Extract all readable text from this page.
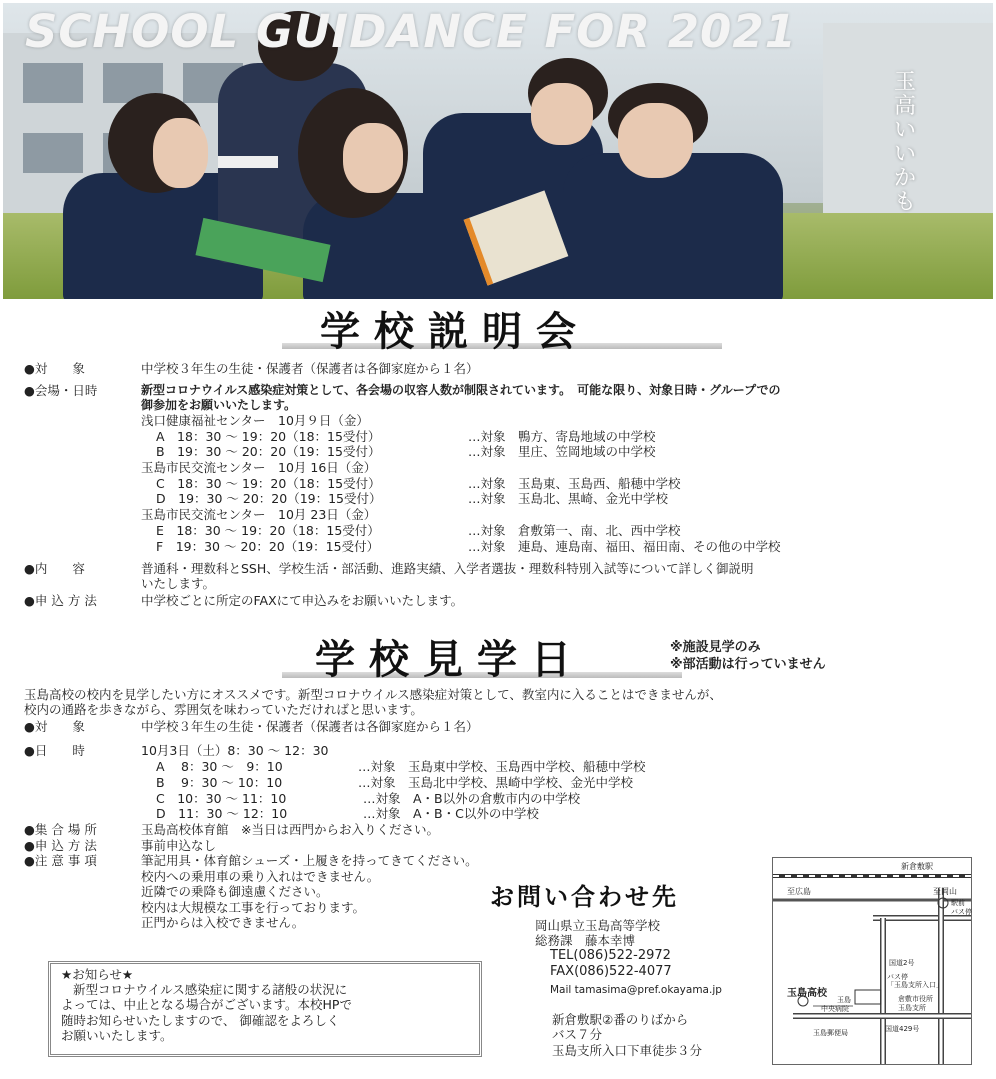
SCHOOL GUIDANCE FOR 2021
玉高いいかも
学校説明会
●対　　象	中学校３年生の生徒・保護者（保護者は各御家庭から１名）
●会場・日時	新型コロナウイルス感染症対策として、各会場の収容人数が制限されています。　可能な限り、対象日時・グループでの
御参加をお願いいたします。
浅口健康福祉センター　10月９日（金）
A　18：30 ～ 19：20（18：15受付）	…対象　鴨方、寄島地域の中学校
B　19：30 ～ 20：20（19：15受付）	…対象　里庄、笠岡地域の中学校
玉島市民交流センター　10月 16日（金）
C　18：30 ～ 19：20（18：15受付）	…対象　玉島東、玉島西、船穂中学校
D　19：30 ～ 20：20（19：15受付）	…対象　玉島北、黒崎、金光中学校
玉島市民交流センター　10月 23日（金）
E　18：30 ～ 19：20（18：15受付）	…対象　倉敷第一、南、北、西中学校
F　19：30 ～ 20：20（19：15受付）	…対象　連島、連島南、福田、福田南、その他の中学校
●内　　容	普通科・理数科とSSH、学校生活・部活動、進路実績、入学者選抜・理数科特別入試等について詳しく御説明
いたします。
●申 込 方 法	中学校ごとに所定のFAXにて申込みをお願いいたします。
学校見学日	※施設見学のみ
※部活動は行っていません
玉島高校の校内を見学したい方にオススメです。新型コロナウイルス感染症対策として、教室内に入ることはできませんが、
校内の通路を歩きながら、雰囲気を味わっていただければと思います。
●対　　象	中学校３年生の生徒・保護者（保護者は各御家庭から１名）
●日　　時	10月3日（土）8：30 ～ 12：30
A　 8：30 ～　9：10	…対象　玉島東中学校、玉島西中学校、船穂中学校
B　 9：30 ～ 10：10	…対象　玉島北中学校、黒崎中学校、金光中学校
C　10：30 ～ 11：10	…対象　A・B以外の倉敷市内の中学校
D　11：30 ～ 12：10	…対象　A・B・C以外の中学校
●集 合 場 所	玉島高校体育館　※当日は西門からお入りください。
●申 込 方 法	事前申込なし
●注 意 事 項	筆記用具・体育館シューズ・上履きを持ってきてください。
校内への乗用車の乗り入れはできません。
近隣での乗降も御遠慮ください。
校内は大規模な工事を行っております。
正門からは入校できません。
お問い合わせ先
岡山県立玉島高等学校
総務課　藤本幸博
TEL(086)522-2972
FAX(086)522-4077
Mail tamasima@pref.okayama.jp
新倉敷駅②番のりばから
バス７分
玉島支所入口下車徒歩３分
★お知らせ★
新型コロナウイルス感染症に関する諸般の状況に
よっては、中止となる場合がございます。本校HPで
随時お知らせいたしますので、 御確認をよろしく
お願いいたします。
新倉敷駅
至広島	至岡山
駅前
バス停
国道2号
バス停
「玉島支所入口」
玉島高校
玉島
中央病院
倉敷市役所
玉島支所
玉島郵便局	国道429号
